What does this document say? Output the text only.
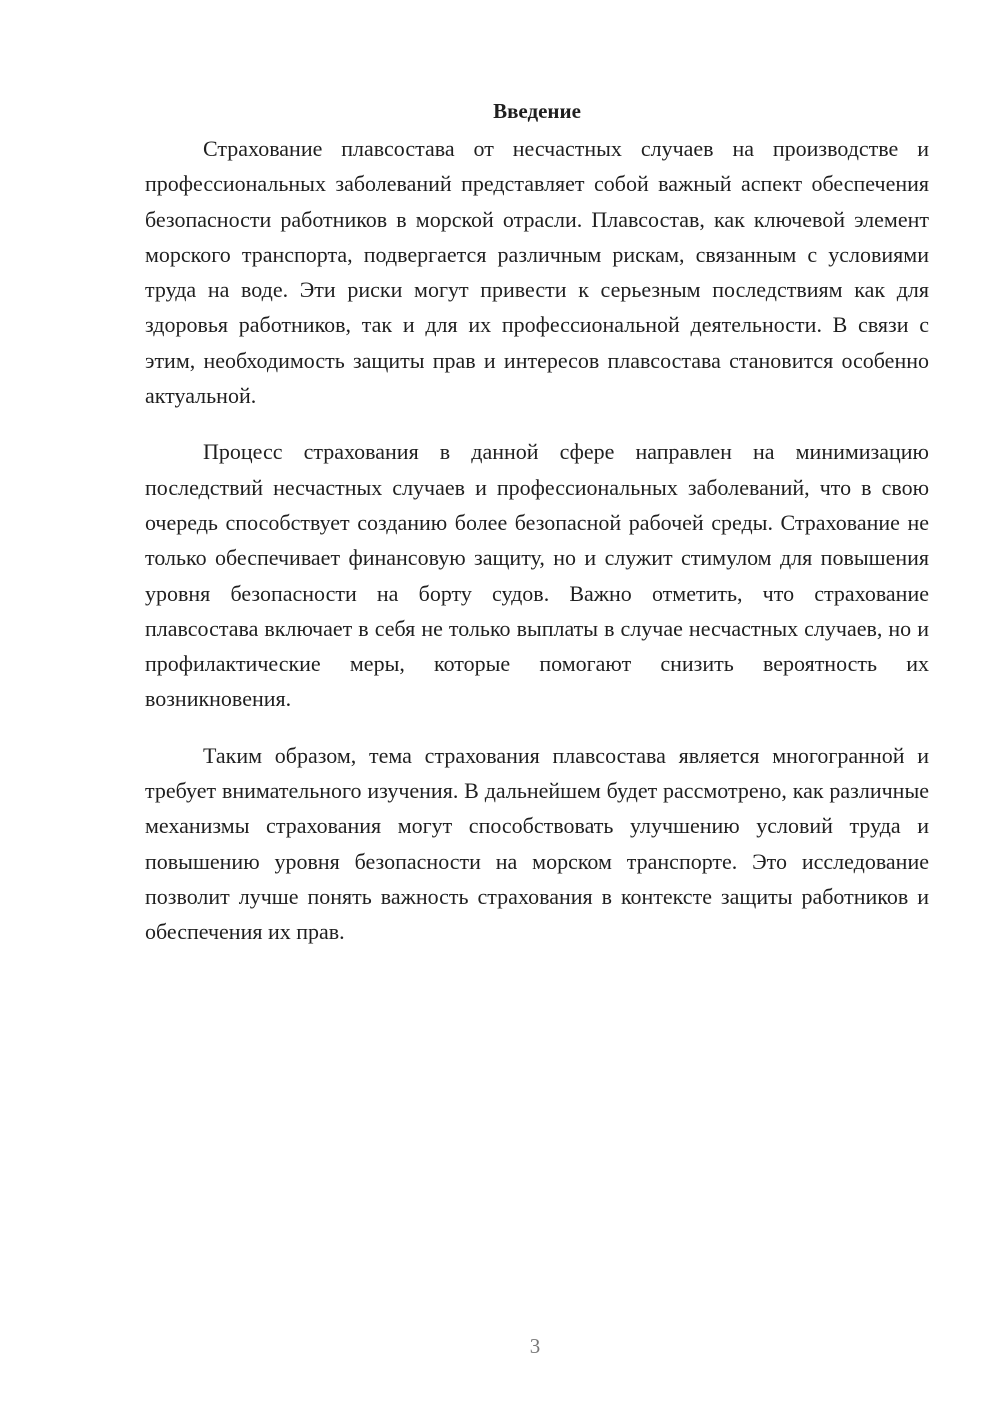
Введение

Страхование плавсостава от несчастных случаев на производстве и профессиональных заболеваний представляет собой важный аспект обеспечения безопасности работников в морской отрасли. Плавсостав, как ключевой элемент морского транспорта, подвергается различным рискам, связанным с условиями труда на воде. Эти риски могут привести к серьезным последствиям как для здоровья работников, так и для их профессиональной деятельности. В связи с этим, необходимость защиты прав и интересов плавсостава становится особенно актуальной.

Процесс страхования в данной сфере направлен на минимизацию последствий несчастных случаев и профессиональных заболеваний, что в свою очередь способствует созданию более безопасной рабочей среды. Страхование не только обеспечивает финансовую защиту, но и служит стимулом для повышения уровня безопасности на борту судов. Важно отметить, что страхование плавсостава включает в себя не только выплаты в случае несчастных случаев, но и профилактические меры, которые помогают снизить вероятность их возникновения.

Таким образом, тема страхования плавсостава является многогранной и требует внимательного изучения. В дальнейшем будет рассмотрено, как различные механизмы страхования могут способствовать улучшению условий труда и повышению уровня безопасности на морском транспорте. Это исследование позволит лучше понять важность страхования в контексте защиты работников и обеспечения их прав.

3
